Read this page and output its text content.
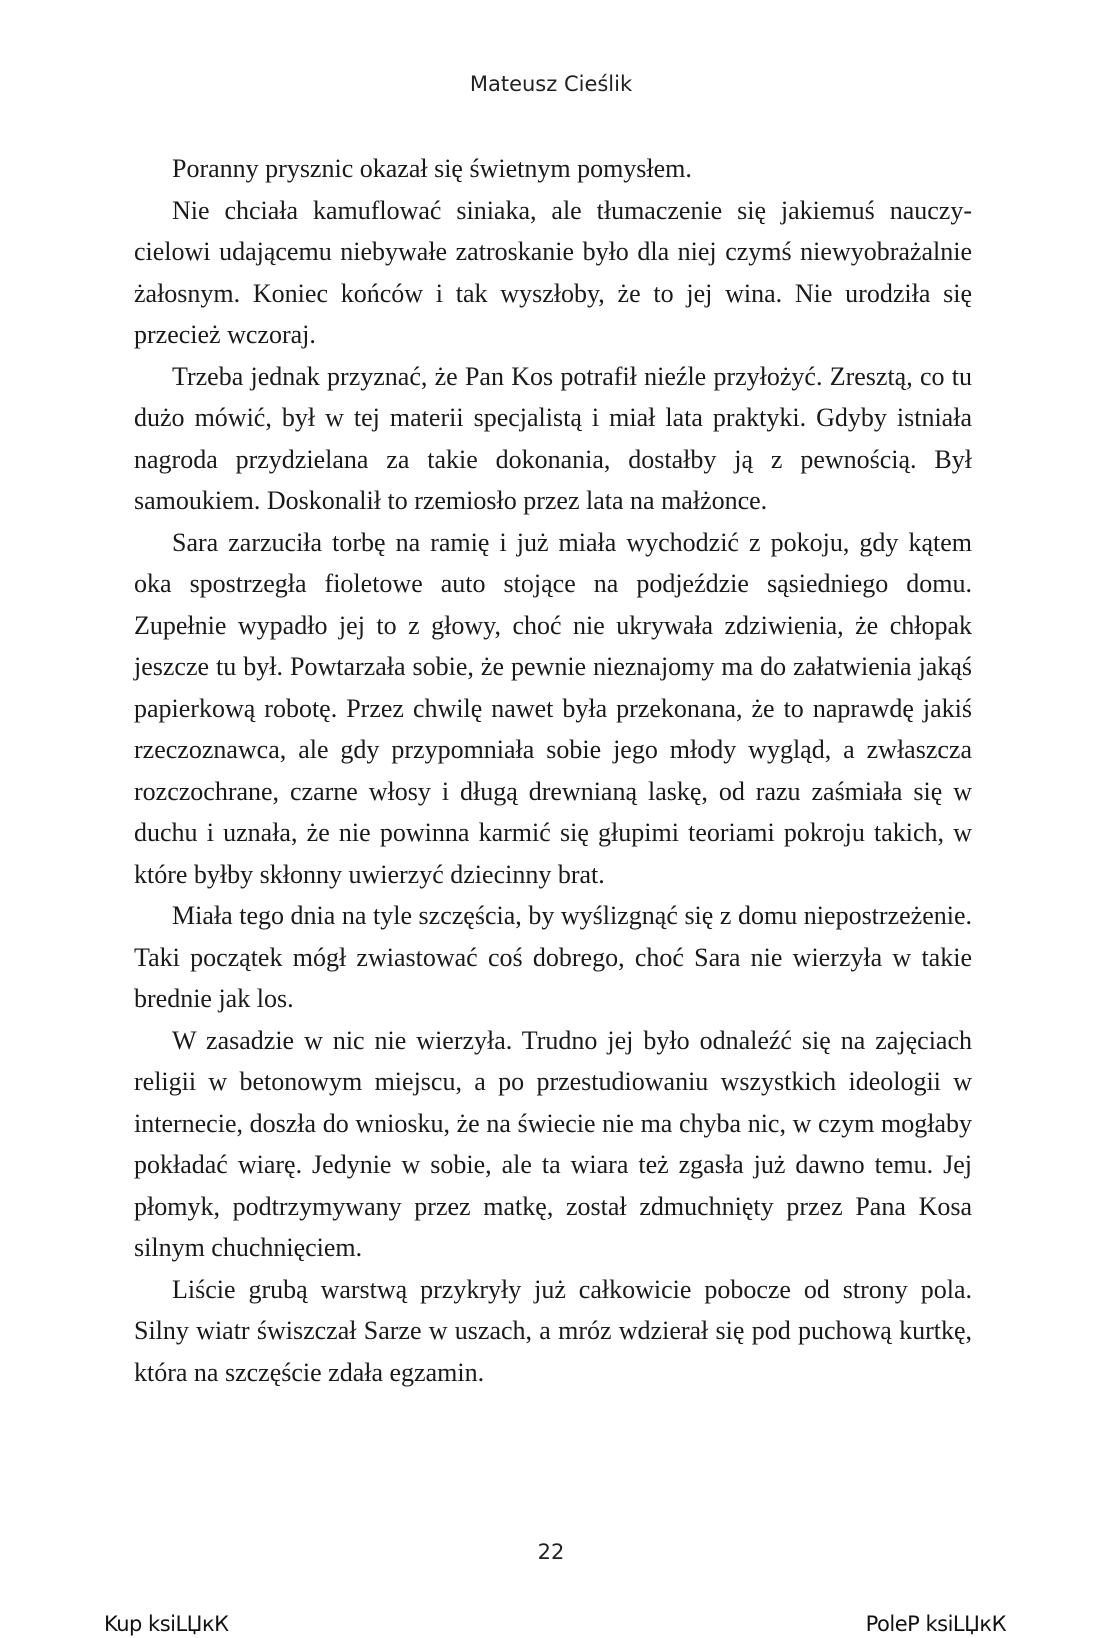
Mateusz Cieślik

Poranny prysznic okazał się świetnym pomysłem.

Nie chciała kamuflować siniaka, ale tłumaczenie się jakiemuś nauczycielowi udającemu niebywałe zatroskanie było dla niej czymś niewyobrażalnie żałosnym. Koniec końców i tak wyszłoby, że to jej wina. Nie urodziła się przecież wczoraj.

Trzeba jednak przyznać, że Pan Kos potrafił nieźle przyłożyć. Zresztą, co tu dużo mówić, był w tej materii specjalistą i miał lata praktyki. Gdyby istniała nagroda przydzielana za takie dokonania, dostałby ją z pewnością. Był samoukiem. Doskonalił to rzemiosło przez lata na małżonce.

Sara zarzuciła torbę na ramię i już miała wychodzić z pokoju, gdy kątem oka spostrzegła fioletowe auto stojące na podjeździe sąsiedniego domu. Zupełnie wypadło jej to z głowy, choć nie ukrywała zdziwienia, że chłopak jeszcze tu był. Powtarzała sobie, że pewnie nieznajomy ma do załatwienia jakąś papierkową robotę. Przez chwilę nawet była przekonana, że to naprawdę jakiś rzeczoznawca, ale gdy przypomniała sobie jego młody wygląd, a zwłaszcza rozczochrane, czarne włosy i długą drewnianą laskę, od razu zaśmiała się w duchu i uznała, że nie powinna karmić się głupimi teoriami pokroju takich, w które byłby skłonny uwierzyć dziecinny brat.

Miała tego dnia na tyle szczęścia, by wyślizgnąć się z domu niepostrzeżenie. Taki początek mógł zwiastować coś dobrego, choć Sara nie wierzyła w takie brednie jak los.

W zasadzie w nic nie wierzyła. Trudno jej było odnaleźć się na zajęciach religii w betonowym miejscu, a po przestudiowaniu wszystkich ideologii w internecie, doszła do wniosku, że na świecie nie ma chyba nic, w czym mogłaby pokładać wiarę. Jedynie w sobie, ale ta wiara też zgasła już dawno temu. Jej płomyk, podtrzymywany przez matkę, został zdmuchnięty przez Pana Kosa silnym chuchnięciem.

Liście grubą warstwą przykryły już całkowicie pobocze od strony pola. Silny wiatr świszczał Sarze w uszach, a mróz wdzierał się pod puchową kurtkę, która na szczęście zdała egzamin.

22
Kup ksiLЏкК	PoleP ksiLЏкК
